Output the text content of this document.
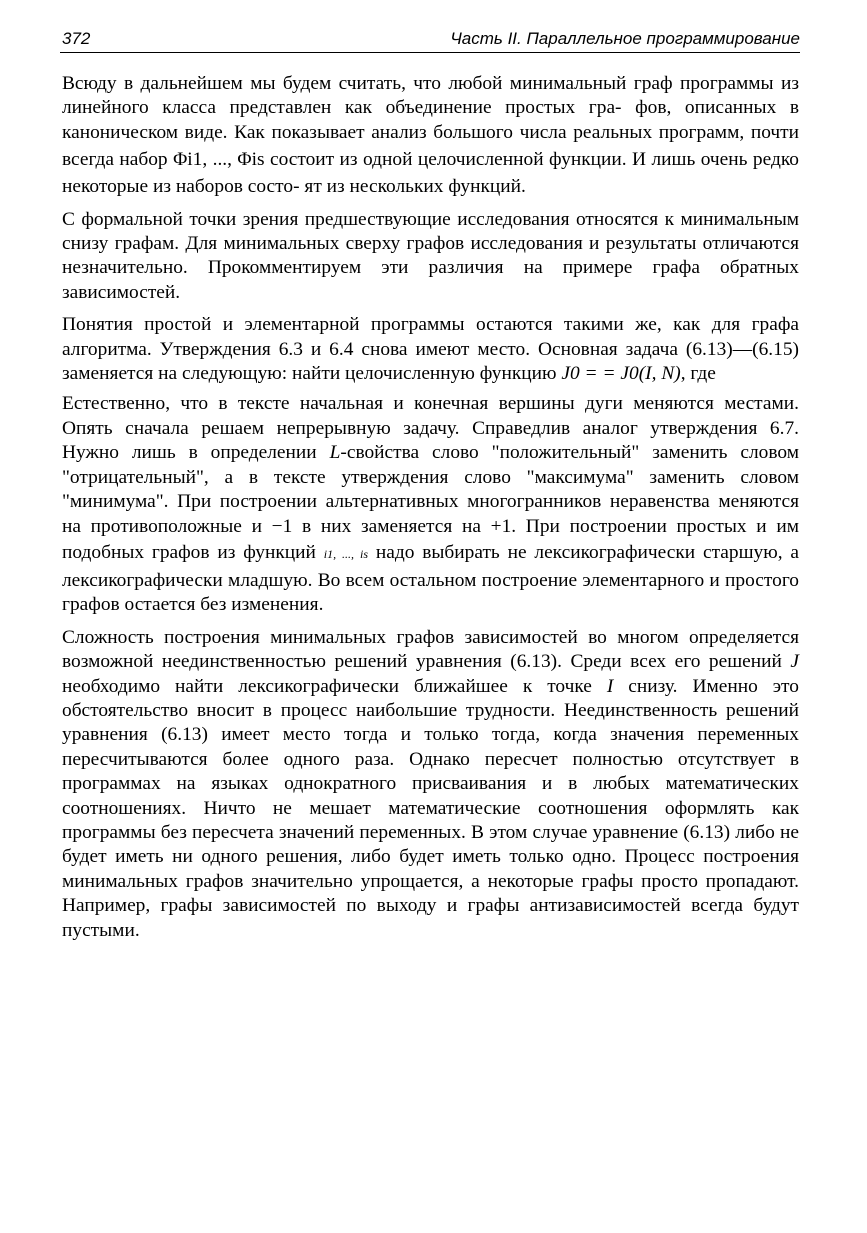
372	Часть II. Параллельное программирование

Всюду в дальнейшем мы будем считать, что любой минимальный граф программы из линейного класса представлен как объединение простых гра- фов, описанных в каноническом виде. Как показывает анализ большого числа реальных программ, почти всегда набор Φi1, ..., Φis состоит из одной целочисленной функции. И лишь очень редко некоторые из наборов состо- ят из нескольких функций.

С формальной точки зрения предшествующие исследования относятся к минимальным снизу графам. Для минимальных сверху графов исследования и результаты отличаются незначительно. Прокомментируем эти различия на примере графа обратных зависимостей.

Понятия простой и элементарной программы остаются такими же, как для графа алгоритма. Утверждения 6.3 и 6.4 снова имеют место. Основная задача (6.13)—(6.15) заменяется на следующую: найти целочисленную функцию J0 = = J0(I, N), где

Естественно, что в тексте начальная и конечная вершины дуги меняются местами. Опять сначала решаем непрерывную задачу. Справедлив аналог утверждения 6.7. Нужно лишь в определении L-свойства слово "положительный" заменить словом "отрицательный", а в тексте утверждения слово "максимума" заменить словом "минимума". При построении альтернативных многогранников неравенства меняются на противоположные и −1 в них заменяется на +1. При построении простых и им подобных графов из функций i1, ..., is надо выбирать не лексикографически старшую, а лексикографически младшую. Во всем остальном построение элементарного и простого графов остается без изменения.

Сложность построения минимальных графов зависимостей во многом определяется возможной неединственностью решений уравнения (6.13). Среди всех его решений J необходимо найти лексикографически ближайшее к точке I снизу. Именно это обстоятельство вносит в процесс наибольшие трудности. Неединственность решений уравнения (6.13) имеет место тогда и только тогда, когда значения переменных пересчитываются более одного раза. Однако пересчет полностью отсутствует в программах на языках однократного присваивания и в любых математических соотношениях. Ничто не мешает математические соотношения оформлять как программы без пересчета значений переменных. В этом случае уравнение (6.13) либо не будет иметь ни одного решения, либо будет иметь только одно. Процесс построения минимальных графов значительно упрощается, а некоторые графы просто пропадают. Например, графы зависимостей по выходу и графы антизависимостей всегда будут пустыми.
